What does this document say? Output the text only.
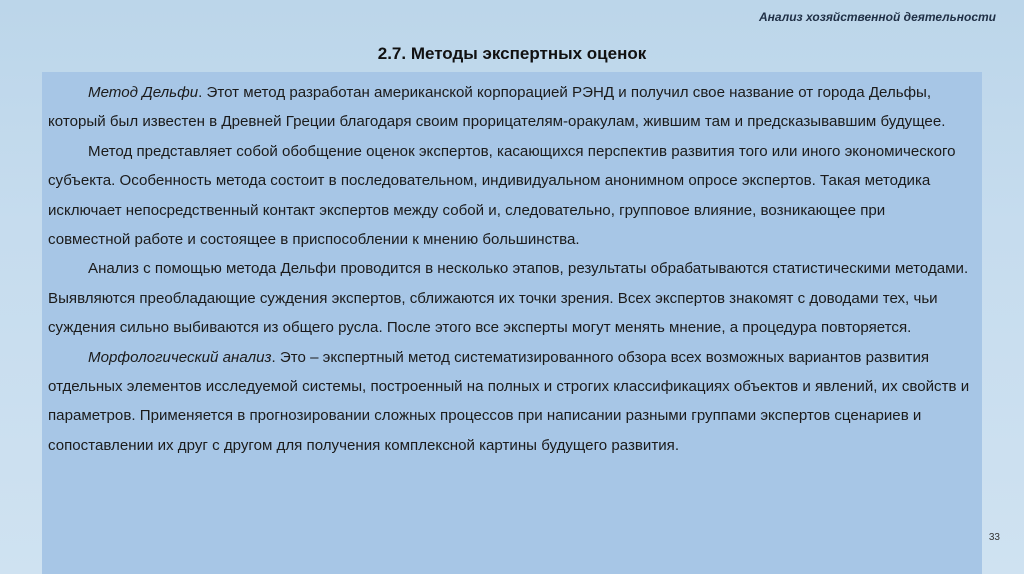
Анализ хозяйственной деятельности
2.7. Методы экспертных оценок

Метод Дельфи. Этот метод разработан американской корпорацией РЭНД и получил свое название от города Дельфы, который был известен в Древней Греции благодаря своим прорицателям-оракулам, жившим там и предсказывавшим будущее.

Метод представляет собой обобщение оценок экспертов, касающихся перспектив развития того или иного экономического субъекта. Особенность метода состоит в последовательном, индивидуальном анонимном опросе экспертов. Такая методика исключает непосредственный контакт экспертов между собой и, следовательно, групповое влияние, возникающее при совместной работе и состоящее в приспособлении к мнению большинства.

Анализ с помощью метода Дельфи проводится в несколько этапов, результаты обрабатываются статистическими методами. Выявляются преобладающие суждения экспертов, сближаются их точки зрения. Всех экспертов знакомят с доводами тех, чьи суждения сильно выбиваются из общего русла. После этого все эксперты могут менять мнение, а процедура повторяется.

Морфологический анализ. Это – экспертный метод систематизированного обзора всех возможных вариантов развития отдельных элементов исследуемой системы, построенный на полных и строгих классификациях объектов и явлений, их свойств и параметров. Применяется в прогнозировании сложных процессов при написании разными группами экспертов сценариев и сопоставлении их друг с другом для получения комплексной картины будущего развития.

33
